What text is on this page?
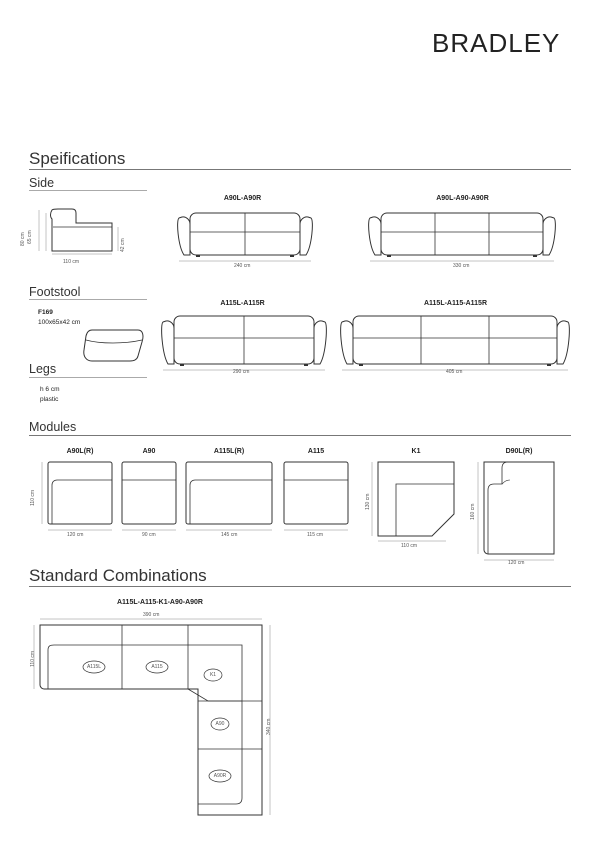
BRADLEY
Speifications
Side
110 cm
80 cm 65 cm
42 cm
A90L-A90R
240 cm
A90L-A90-A90R
330 cm
Footstool
F169
100x65x42 cm
A115L-A115R
290 cm
A115L-A115-A115R
405 cm
Legs
h 6 cm
plastic
Modules
A90L(R)	A90	A115L(R)	A115	K1	D90L(R)
110 cm
120 cm	90 cm	145 cm	115 cm
110 cm
130 cm
120 cm
160 cm
Standard Combinations
A115L-A115-K1-A90-A90R
390 cm
110 cm
340 cm
A115L	A115
K1
A90
A90R
